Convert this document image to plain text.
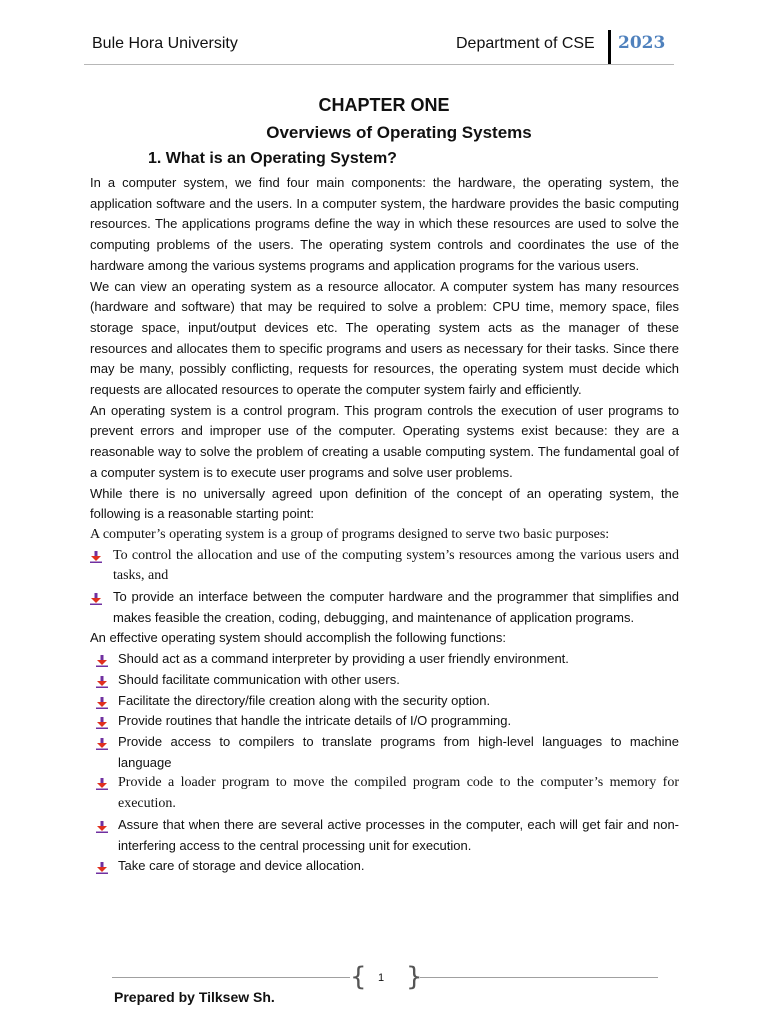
Bule Hora University	Department of CSE 2023
CHAPTER ONE
Overviews of Operating Systems
1. What is an Operating System?

In a computer system, we find four main components: the hardware, the operating system, the application software and the users. In a computer system, the hardware provides the basic computing resources. The applications programs define the way in which these resources are used to solve the computing problems of the users. The operating system controls and coordinates the use of the hardware among the various systems programs and application programs for the various users.

We can view an operating system as a resource allocator. A computer system has many resources (hardware and software) that may be required to solve a problem: CPU time, memory space, files storage space, input/output devices etc. The operating system acts as the manager of these resources and allocates them to specific programs and users as necessary for their tasks. Since there may be many, possibly conflicting, requests for resources, the operating system must decide which requests are allocated resources to operate the computer system fairly and efficiently.

An operating system is a control program. This program controls the execution of user programs to prevent errors and improper use of the computer. Operating systems exist because: they are a reasonable way to solve the problem of creating a usable computing system. The fundamental goal of a computer system is to execute user programs and solve user problems.

While there is no universally agreed upon definition of the concept of an operating system, the following is a reasonable starting point:

A computer’s operating system is a group of programs designed to serve two basic purposes:

To control the allocation and use of the computing system’s resources among the various users and tasks, and
To provide an interface between the computer hardware and the programmer that simplifies and makes feasible the creation, coding, debugging, and maintenance of application programs.

An effective operating system should accomplish the following functions:

Should act as a command interpreter by providing a user friendly environment.
Should facilitate communication with other users.
Facilitate the directory/file creation along with the security option.
Provide routines that handle the intricate details of I/O programming.
Provide access to compilers to translate programs from high-level languages to machine language
Provide a loader program to move the compiled program code to the computer’s memory for execution.
Assure that when there are several active processes in the computer, each will get fair and non-interfering access to the central processing unit for execution.
Take care of storage and device allocation.
{ }
1
Prepared by Tilksew Sh.
